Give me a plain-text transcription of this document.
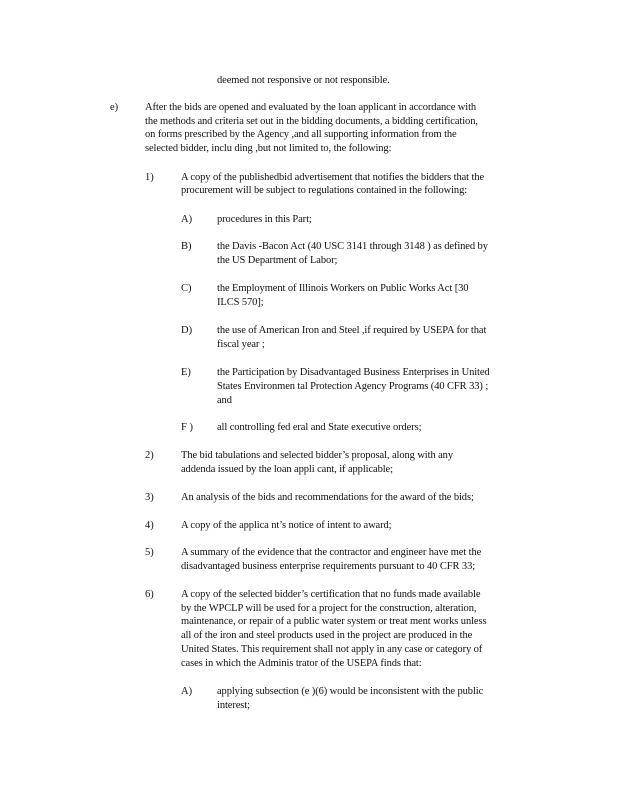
deemed not responsive or not responsible.
e)	After the bids are opened and evaluated by the loan applicant in accordance with
the methods and criteria set out in the bidding documents, a bidding certification,
on forms prescribed by the Agency ,and all supporting information from the
selected bidder, inclu ding ,but not limited to, the following:
1)	A copy of the publishedbid advertisement that notifies the bidders that the
procurement will be subject to regulations contained in the following:
A) procedures in this Part;
B) the Davis -Bacon Act (40 USC 3141 through 3148 ) as defined by
the US Department of Labor;
C) the Employment of Illinois Workers on Public Works Act [30
ILCS 570];
D) the use of American Iron and Steel ,if required by USEPA for that
fiscal year ;
E) the Participation by Disadvantaged Business Enterprises in United
States Environmen tal Protection Agency Programs (40 CFR 33) ;
and
F ) all controlling fed eral and State executive orders;
2)	The bid tabulations and selected bidder’s proposal, along with any
addenda issued by the loan appli cant, if applicable;
3)	An analysis of the bids and recommendations for the award of the bids;
4)	A copy of the applica nt’s notice of intent to award;
5)	A summary of the evidence that the contractor and engineer have met the
disadvantaged business enterprise requirements pursuant to 40 CFR 33;
6)	A copy of the selected bidder’s certification that no funds made available
by the WPCLP will be used for a project for the construction, alteration,
maintenance, or repair of a public water system or treat ment works unless
all of the iron and steel products used in the project are produced in the
United States. This requirement shall not apply in any case or category of
cases in which the Adminis trator of the USEPA finds that:
A) applying subsection (e )(6) would be inconsistent with the public
interest;
